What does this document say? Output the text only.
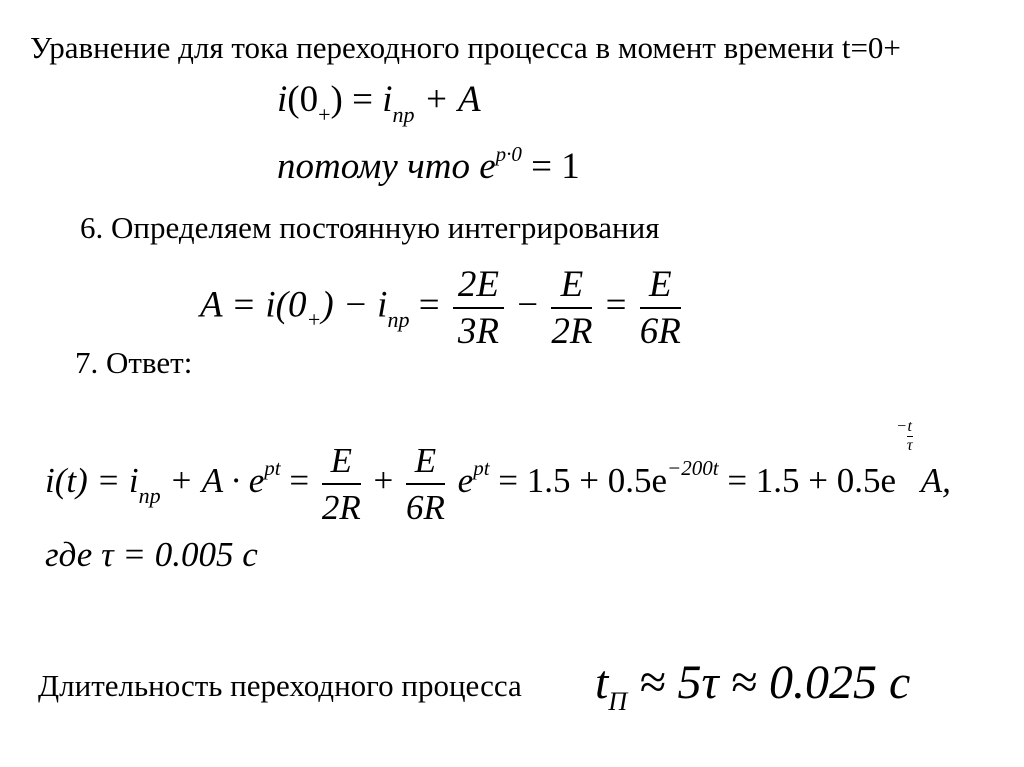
Уравнение для тока переходного процесса в момент времени t=0+
$i(0_+) = i_{пр} + A$
потому что $e^{p\cdot 0} = 1$
6. Определяем постоянную интегрирования
$A = i(0_+) - i_{пр} = \frac{2E}{3R} - \frac{E}{2R} = \frac{E}{6R}$
7. Ответ:
$i(t) = i_{пр} + A \cdot e^{pt} = \frac{E}{2R} + \frac{E}{6R} e^{pt} = 1.5 + 0.5e^{-200t} = 1.5 + 0.5e- \frac{t}{\tau}$
A,
где τ = 0.005 c
Длительность переходного процесса $t_П \approx 5\tau \approx 0.025$ c
